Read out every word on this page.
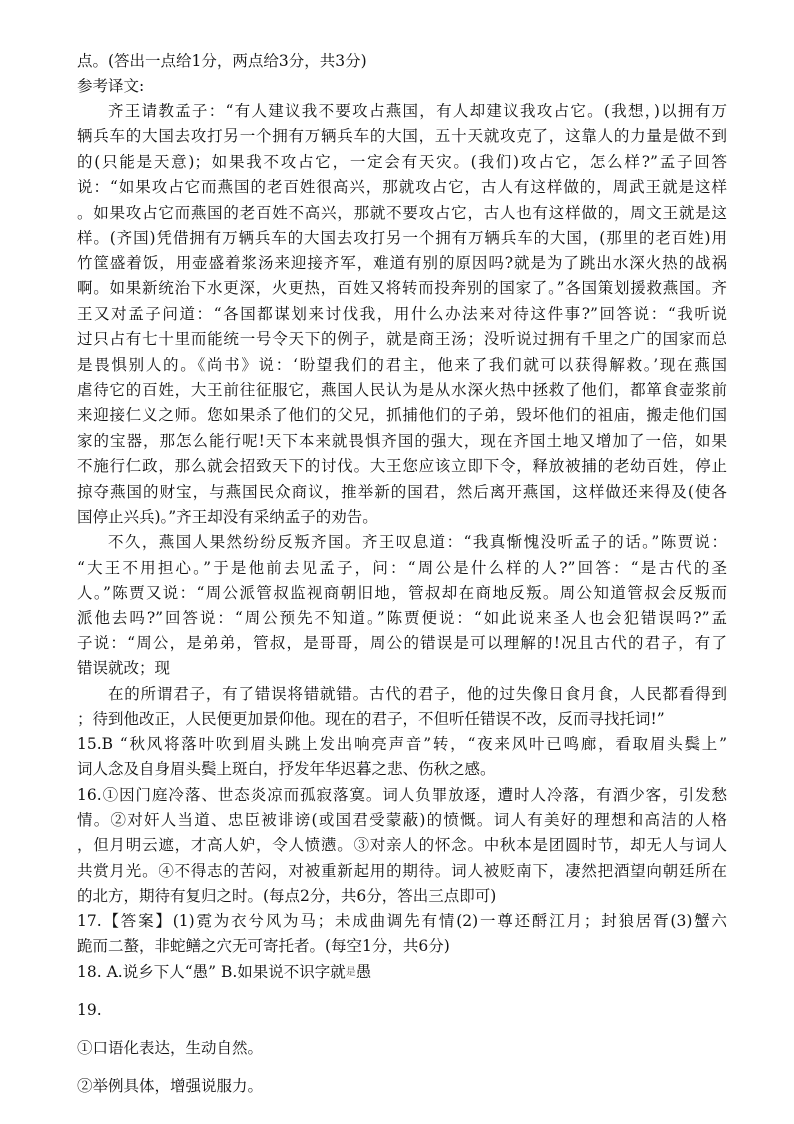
点。(答出一点给1分，两点给3分，共3分)
参考译文:
齐王请教孟子：“有人建议我不要攻占燕国，有人却建议我攻占它。(我想，)以拥有万
辆兵车的大国去攻打另一个拥有万辆兵车的大国，五十天就攻克了，这靠人的力量是做不到
的(只能是天意)；如果我不攻占它，一定会有天灾。(我们)攻占它，怎么样?”孟子回答
说：“如果攻占它而燕国的老百姓很高兴，那就攻占它，古人有这样做的，周武王就是这样
。如果攻占它而燕国的老百姓不高兴，那就不要攻占它，古人也有这样做的，周文王就是这
样。(齐国)凭借拥有万辆兵车的大国去攻打另一个拥有万辆兵车的大国，(那里的老百姓)用
竹筐盛着饭，用壶盛着浆汤来迎接齐军，难道有别的原因吗?就是为了跳出水深火热的战祸
啊。如果新统治下水更深，火更热，百姓又将转而投奔别的国家了。”各国策划援救燕国。齐
王又对孟子问道：“各国都谋划来讨伐我，用什么办法来对待这件事?”回答说：“我听说
过只占有七十里而能统一号令天下的例子，就是商王汤；没听说过拥有千里之广的国家而总
是畏惧别人的。《尚书》说：‘盼望我们的君主，他来了我们就可以获得解救。’现在燕国
虐待它的百姓，大王前往征服它，燕国人民认为是从水深火热中拯救了他们，都箪食壶浆前
来迎接仁义之师。您如果杀了他们的父兄，抓捕他们的子弟，毁坏他们的祖庙，搬走他们国
家的宝器，那怎么能行呢!天下本来就畏惧齐国的强大，现在齐国土地又增加了一倍，如果
不施行仁政，那么就会招致天下的讨伐。大王您应该立即下令，释放被捕的老幼百姓，停止
掠夺燕国的财宝，与燕国民众商议，推举新的国君，然后离开燕国，这样做还来得及(使各
国停止兴兵)。”齐王却没有采纳孟子的劝告。
不久，燕国人果然纷纷反叛齐国。齐王叹息道：“我真惭愧没听孟子的话。”陈贾说：
“大王不用担心。”于是他前去见孟子，问：“周公是什么样的人?”回答：“是古代的圣
人。”陈贾又说：“周公派管叔监视商朝旧地，管叔却在商地反叛。周公知道管叔会反叛而
派他去吗?”回答说：“周公预先不知道。”陈贾便说：“如此说来圣人也会犯错误吗?”孟
子说：“周公，是弟弟，管叔，是哥哥，周公的错误是可以理解的!况且古代的君子，有了
错误就改；现
在的所谓君子，有了错误将错就错。古代的君子，他的过失像日食月食，人民都看得到
；待到他改正，人民便更加景仰他。现在的君子，不但听任错误不改，反而寻找托词!”
15.B “秋风将落叶吹到眉头跳上发出响亮声音”转，“夜来风叶已鸣廊，看取眉头鬓上”
词人念及自身眉头鬓上斑白，抒发年华迟暮之悲、伤秋之感。
16.①因门庭冷落、世态炎凉而孤寂落寞。词人负罪放逐，遭时人冷落，有酒少客，引发愁
情。②对奸人当道、忠臣被诽谤(或国君受蒙蔽)的愤慨。词人有美好的理想和高洁的人格
，但月明云遮，才高人妒，令人愤懑。③对亲人的怀念。中秋本是团圆时节，却无人与词人
共赏月光。④不得志的苦闷，对被重新起用的期待。词人被贬南下，凄然把酒望向朝廷所在
的北方，期待有复归之时。(每点2分，共6分，答出三点即可)
17.【答案】(1)霓为衣兮风为马；未成曲调先有情(2)一尊还酹江月；封狼居胥(3)蟹六
跪而二螯，非蛇鳝之穴无可寄托者。(每空1分，共6分)
18. A.说乡下人“愚” B.如果说不识字就是愚
19.
①口语化表达，生动自然。
②举例具体，增强说服力。
